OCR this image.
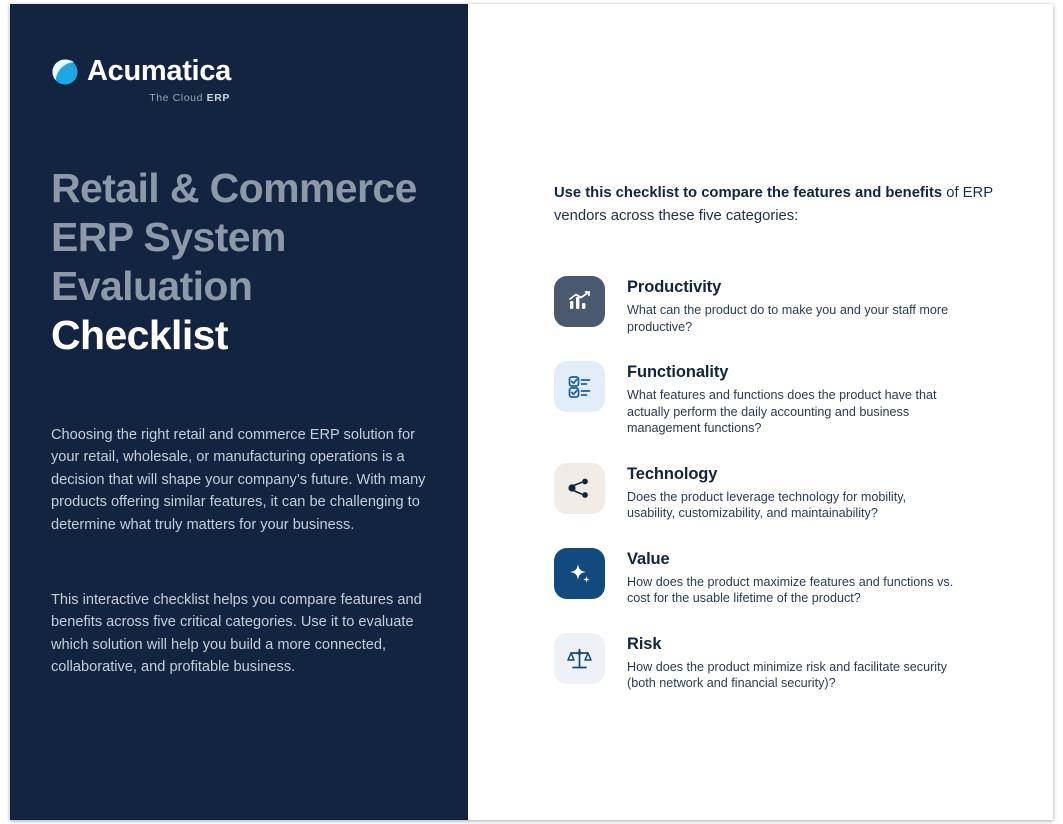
Acumatica
The Cloud ERP
Retail & Commerce
ERP System
Evaluation
Checklist

Choosing the right retail and commerce ERP solution for your retail, wholesale, or manufacturing operations is a decision that will shape your company’s future. With many products offering similar features, it can be challenging to determine what truly matters for your business.

This interactive checklist helps you compare features and benefits across five critical categories. Use it to evaluate which solution will help you build a more connected, collaborative, and profitable business.

Use this checklist to compare the features and benefits of ERP vendors across these five categories:

Productivity

What can the product do to make you and your staff more productive?

Functionality

What features and functions does the product have that actually perform the daily accounting and business management functions?

Technology

Does the product leverage technology for mobility, usability, customizability, and maintainability?

Value

How does the product maximize features and functions vs. cost for the usable lifetime of the product?

Risk

How does the product minimize risk and facilitate security (both network and financial security)?
